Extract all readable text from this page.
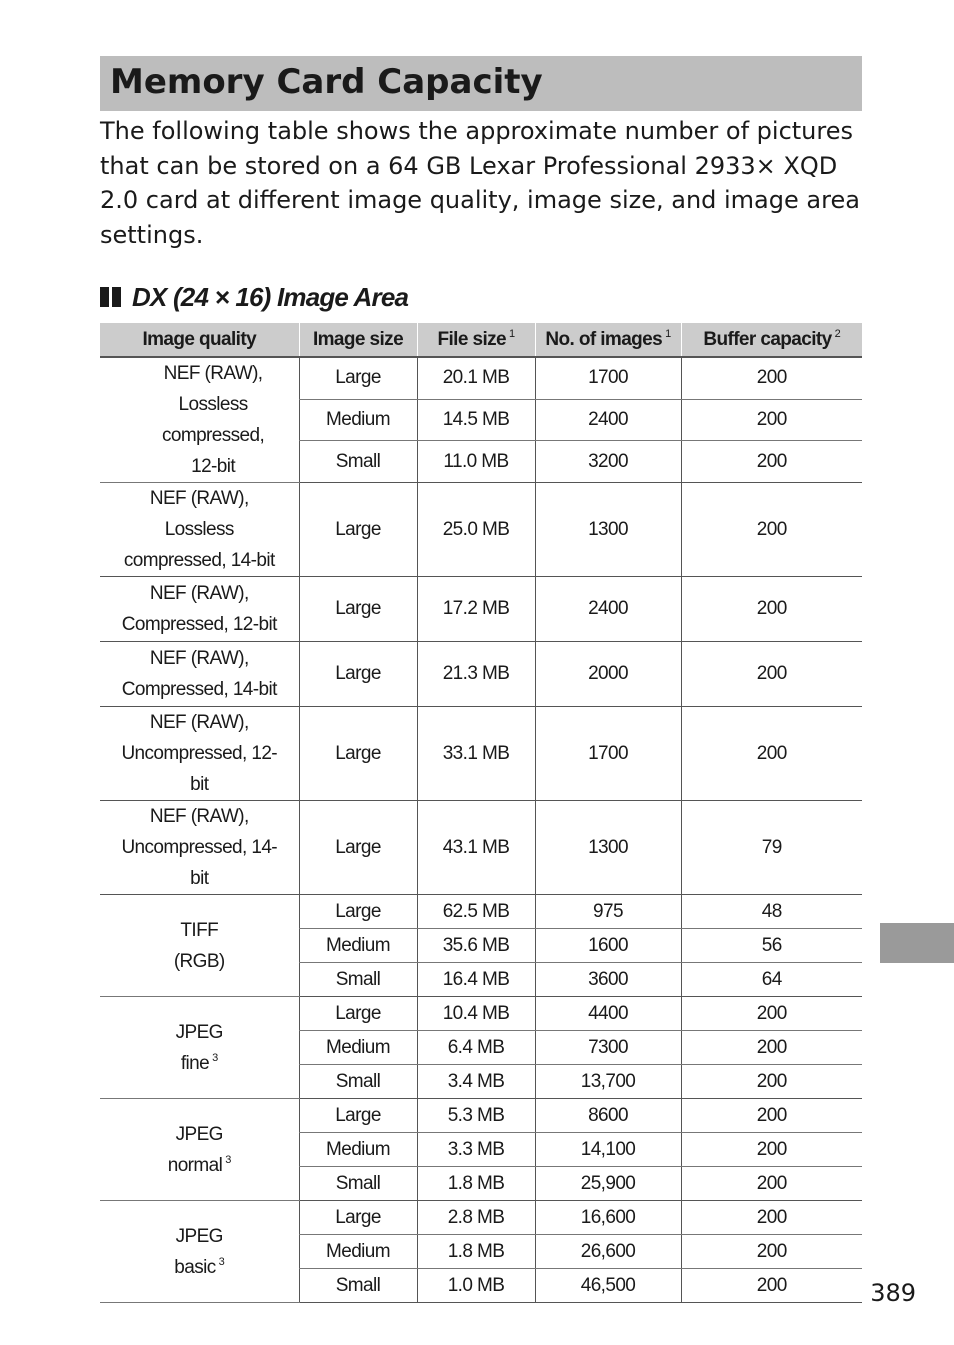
Memory Card Capacity

The following table shows the approximate number of pictures that can be stored on a 64 GB Lexar Professional 2933× XQD 2.0 card at different image quality, image size, and image area settings.

DX (24 × 16) Image Area
Image quality	Image size	File size $^1$	No. of images $^1$	Buffer capacity $^2$
NEF (RAW), Lossless compressed, 12-bit	Large	20.1 MB	1700	200
	Medium	14.5 MB	2400	200
	Small	11.0 MB	3200	200
NEF (RAW), Lossless compressed, 14-bit	Large	25.0 MB	1300	200
NEF (RAW), Compressed, 12-bit	Large	17.2 MB	2400	200
NEF (RAW), Compressed, 14-bit	Large	21.3 MB	2000	200
NEF (RAW), Uncompressed, 12-bit	Large	33.1 MB	1700	200
NEF (RAW), Uncompressed, 14-bit	Large	43.1 MB	1300	79
TIFF (RGB)	Large	62.5 MB	975	48
	Medium	35.6 MB	1600	56
	Small	16.4 MB	3600	64
JPEG fine $^3$	Large	10.4 MB	4400	200
	Medium	6.4 MB	7300	200
	Small	3.4 MB	13,700	200
JPEG normal $^3$	Large	5.3 MB	8600	200
	Medium	3.3 MB	14,100	200
	Small	1.8 MB	25,900	200
JPEG basic $^3$	Large	2.8 MB	16,600	200
	Medium	1.8 MB	26,600	200
	Small	1.0 MB	46,500	200	389
